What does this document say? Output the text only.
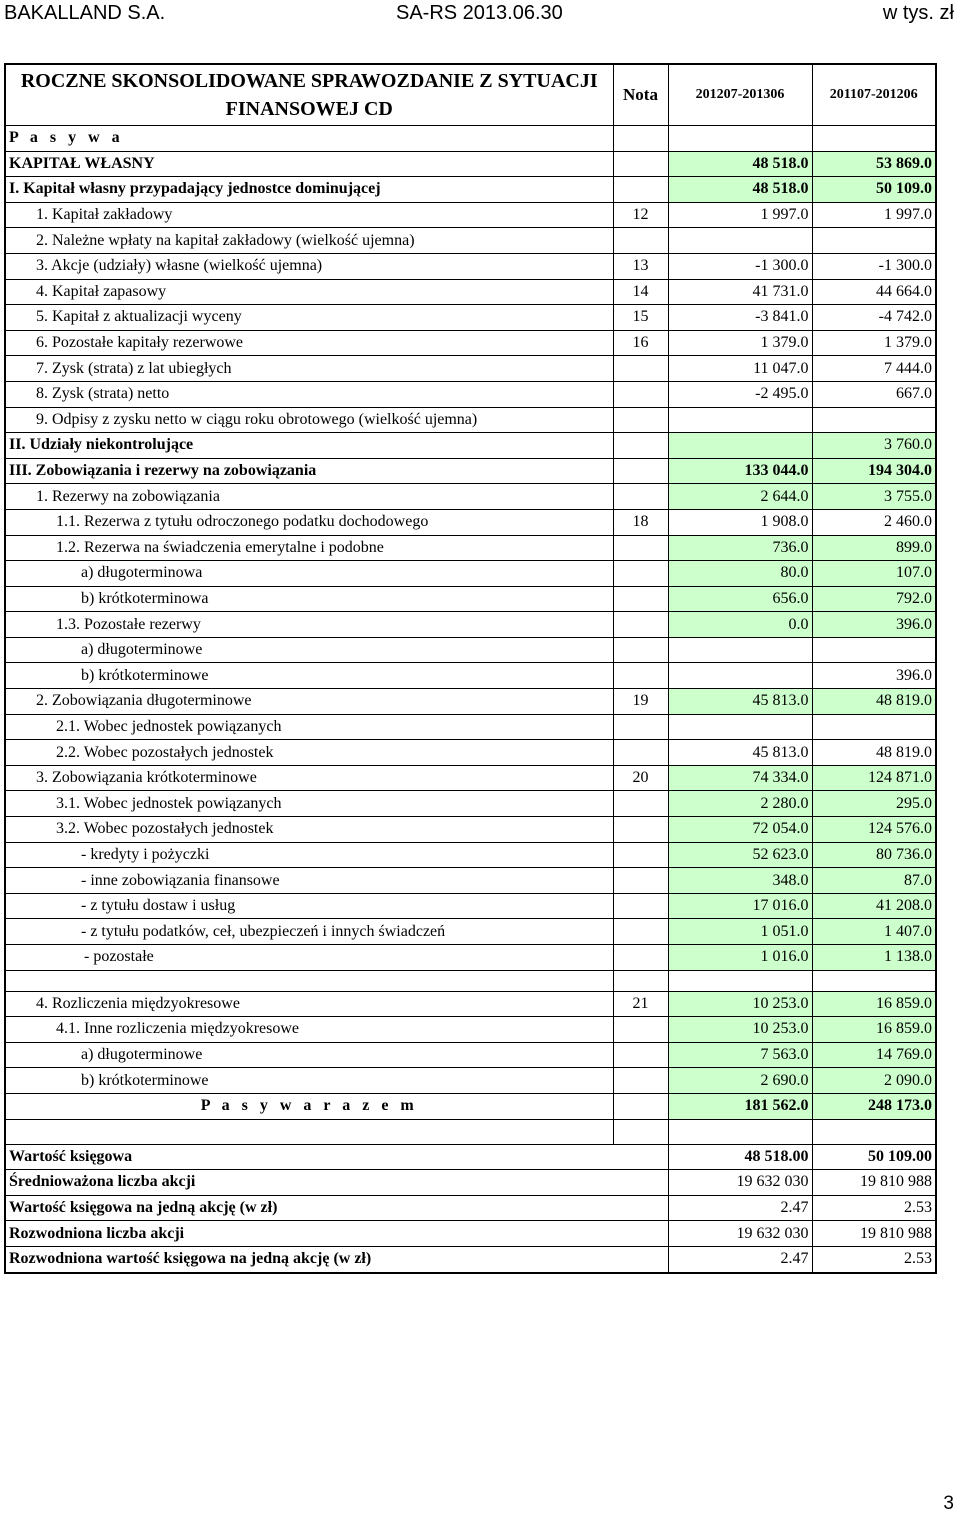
BAKALLAND S.A.	SA-RS 2013.06.30	w tys. zł
ROCZNE SKONSOLIDOWANE SPRAWOZDANIE Z SYTUACJI FINANSOWEJ CD	Nota	201207-201306	201107-201206
P a s y w a			
KAPITAŁ WŁASNY		48 518.0	53 869.0
I. Kapitał własny przypadający jednostce dominującej		48 518.0	50 109.0
1. Kapitał zakładowy	12	1 997.0	1 997.0
2. Należne wpłaty na kapitał zakładowy (wielkość ujemna)			
3. Akcje (udziały) własne (wielkość ujemna)	13	-1 300.0	-1 300.0
4. Kapitał zapasowy	14	41 731.0	44 664.0
5. Kapitał z aktualizacji wyceny	15	-3 841.0	-4 742.0
6. Pozostałe kapitały rezerwowe	16	1 379.0	1 379.0
7. Zysk (strata) z lat ubiegłych		11 047.0	7 444.0
8. Zysk (strata) netto		-2 495.0	667.0
9. Odpisy z zysku netto w ciągu roku obrotowego (wielkość ujemna)			
II. Udziały niekontrolujące			3 760.0
III. Zobowiązania i rezerwy na zobowiązania		133 044.0	194 304.0
1. Rezerwy na zobowiązania		2 644.0	3 755.0
1.1. Rezerwa z tytułu odroczonego podatku dochodowego	18	1 908.0	2 460.0
1.2. Rezerwa na świadczenia emerytalne i podobne		736.0	899.0
a) długoterminowa		80.0	107.0
b) krótkoterminowa		656.0	792.0
1.3. Pozostałe rezerwy		0.0	396.0
a) długoterminowe			
b) krótkoterminowe			396.0
2. Zobowiązania długoterminowe	19	45 813.0	48 819.0
2.1. Wobec jednostek powiązanych			
2.2. Wobec pozostałych jednostek		45 813.0	48 819.0
3. Zobowiązania krótkoterminowe	20	74 334.0	124 871.0
3.1. Wobec jednostek powiązanych		2 280.0	295.0
3.2. Wobec pozostałych jednostek		72 054.0	124 576.0
- kredyty i pożyczki		52 623.0	80 736.0
- inne zobowiązania finansowe		348.0	87.0
- z tytułu dostaw i usług		17 016.0	41 208.0
- z tytułu podatków, ceł, ubezpieczeń i innych świadczeń		1 051.0	1 407.0
- pozostałe		1 016.0	1 138.0

4. Rozliczenia międzyokresowe	21	10 253.0	16 859.0
4.1. Inne rozliczenia międzyokresowe		10 253.0	16 859.0
a) długoterminowe		7 563.0	14 769.0
b) krótkoterminowe		2 690.0	2 090.0
P a s y w a r a z e m		181 562.0	248 173.0

Wartość księgowa		48 518.00	50 109.00
Średnioważona liczba akcji		19 632 030	19 810 988
Wartość księgowa na jedną akcję (w zł)		2.47	2.53
Rozwodniona liczba akcji		19 632 030	19 810 988
Rozwodniona wartość księgowa na jedną akcję (w zł)		2.47	2.53
3
